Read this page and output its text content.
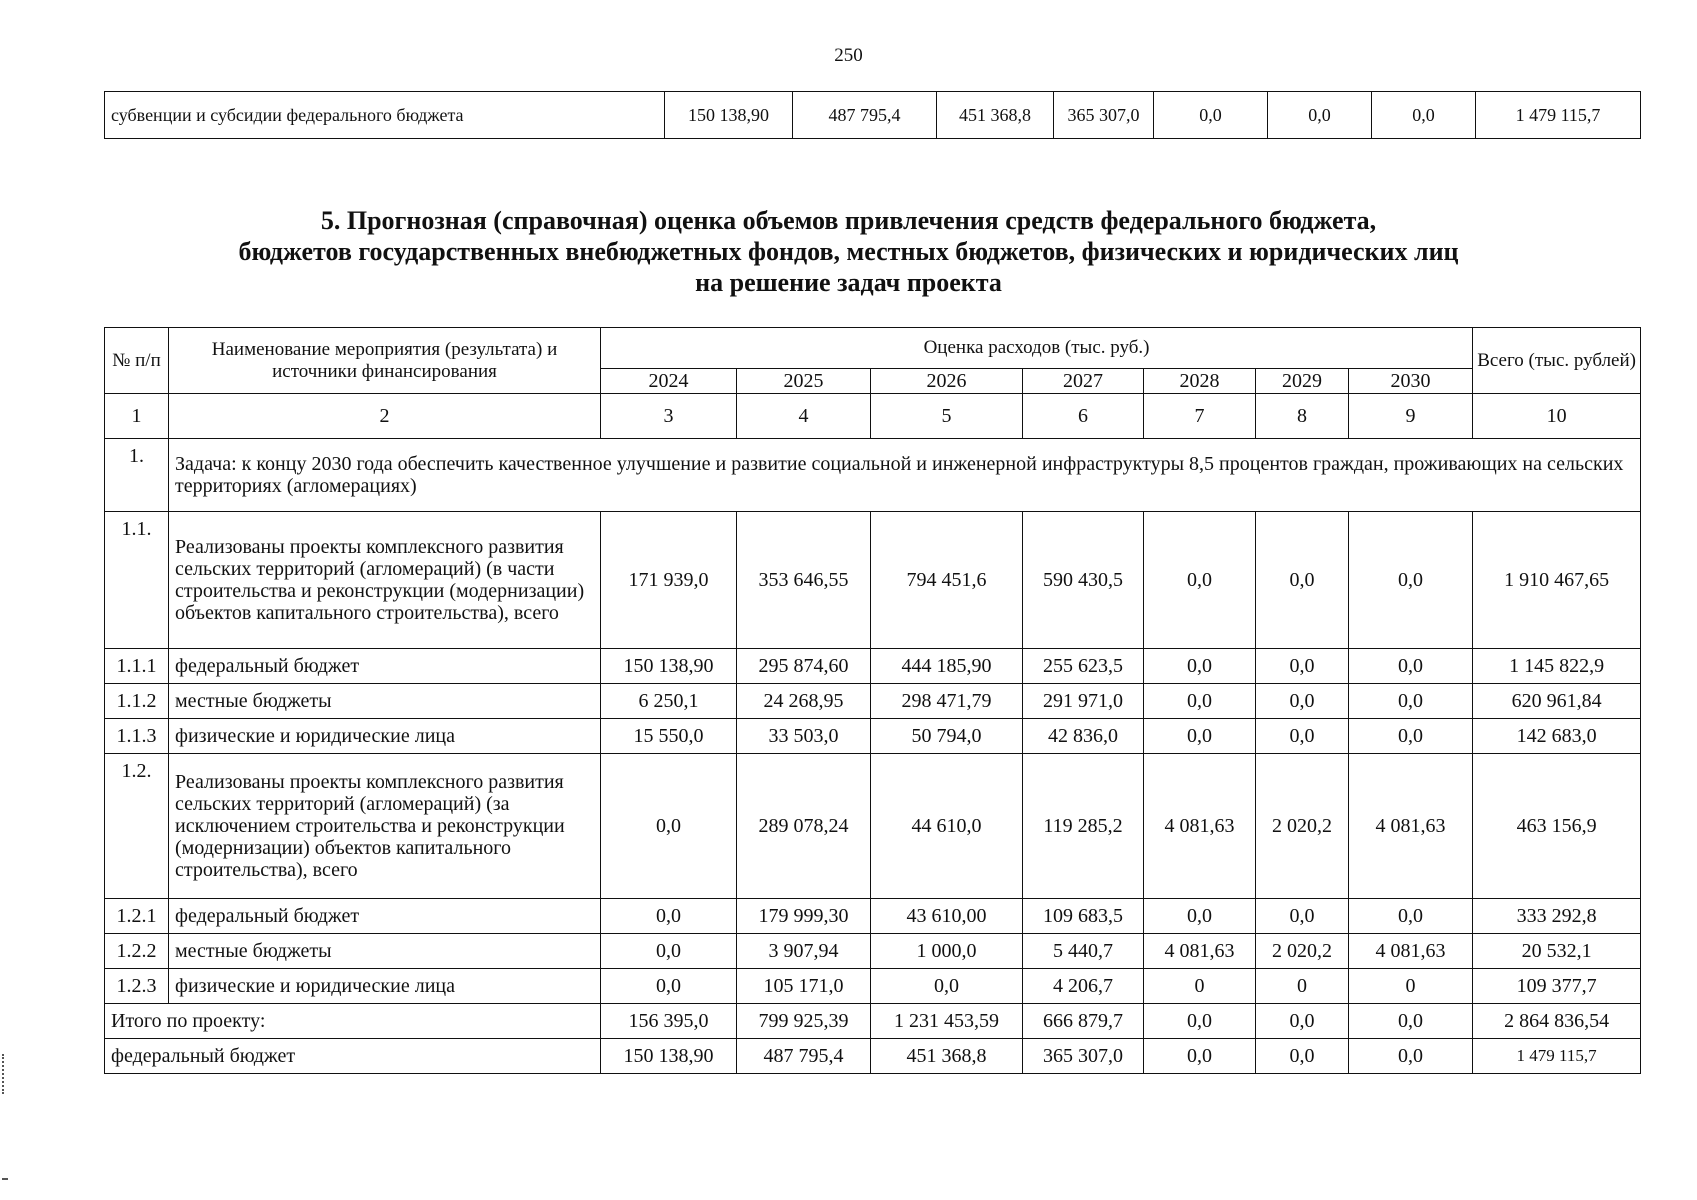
250
субвенции и субсидии федерального бюджета	150 138,90	487 795,4	451 368,8	365 307,0	0,0	0,0	0,0	1 479 115,7
5. Прогнозная (справочная) оценка объемов привлечения средств федерального бюджета,
бюджетов государственных внебюджетных фондов, местных бюджетов, физических и юридических лиц
на решение задач проекта
№ п/п	Наименование мероприятия (результата) и источники финансирования	Оценка расходов (тыс. руб.)							Всего (тыс. рублей)
		2024	2025	2026	2027	2028	2029	2030	
1	2	3	4	5	6	7	8	9	10
1.	Задача: к концу 2030 года обеспечить качественное улучшение и развитие социальной и инженерной инфраструктуры 8,5 процентов граждан, проживающих на сельских территориях (агломерациях)								
1.1.	Реализованы проекты комплексного развития сельских территорий (агломераций) (в части строительства и реконструкции (модернизации) объектов капитального строительства), всего	171 939,0	353 646,55	794 451,6	590 430,5	0,0	0,0	0,0	1 910 467,65
1.1.1	федеральный бюджет	150 138,90	295 874,60	444 185,90	255 623,5	0,0	0,0	0,0	1 145 822,9
1.1.2	местные бюджеты	6 250,1	24 268,95	298 471,79	291 971,0	0,0	0,0	0,0	620 961,84
1.1.3	физические и юридические лица	15 550,0	33 503,0	50 794,0	42 836,0	0,0	0,0	0,0	142 683,0
1.2.	Реализованы проекты комплексного развития сельских территорий (агломераций) (за исключением строительства и реконструкции (модернизации) объектов капитального строительства), всего	0,0	289 078,24	44 610,0	119 285,2	4 081,63	2 020,2	4 081,63	463 156,9
1.2.1	федеральный бюджет	0,0	179 999,30	43 610,00	109 683,5	0,0	0,0	0,0	333 292,8
1.2.2	местные бюджеты	0,0	3 907,94	1 000,0	5 440,7	4 081,63	2 020,2	4 081,63	20 532,1
1.2.3	физические и юридические лица	0,0	105 171,0	0,0	4 206,7	0	0	0	109 377,7
Итого по проекту:		156 395,0	799 925,39	1 231 453,59	666 879,7	0,0	0,0	0,0	2 864 836,54
федеральный бюджет		150 138,90	487 795,4	451 368,8	365 307,0	0,0	0,0	0,0	1 479 115,7
